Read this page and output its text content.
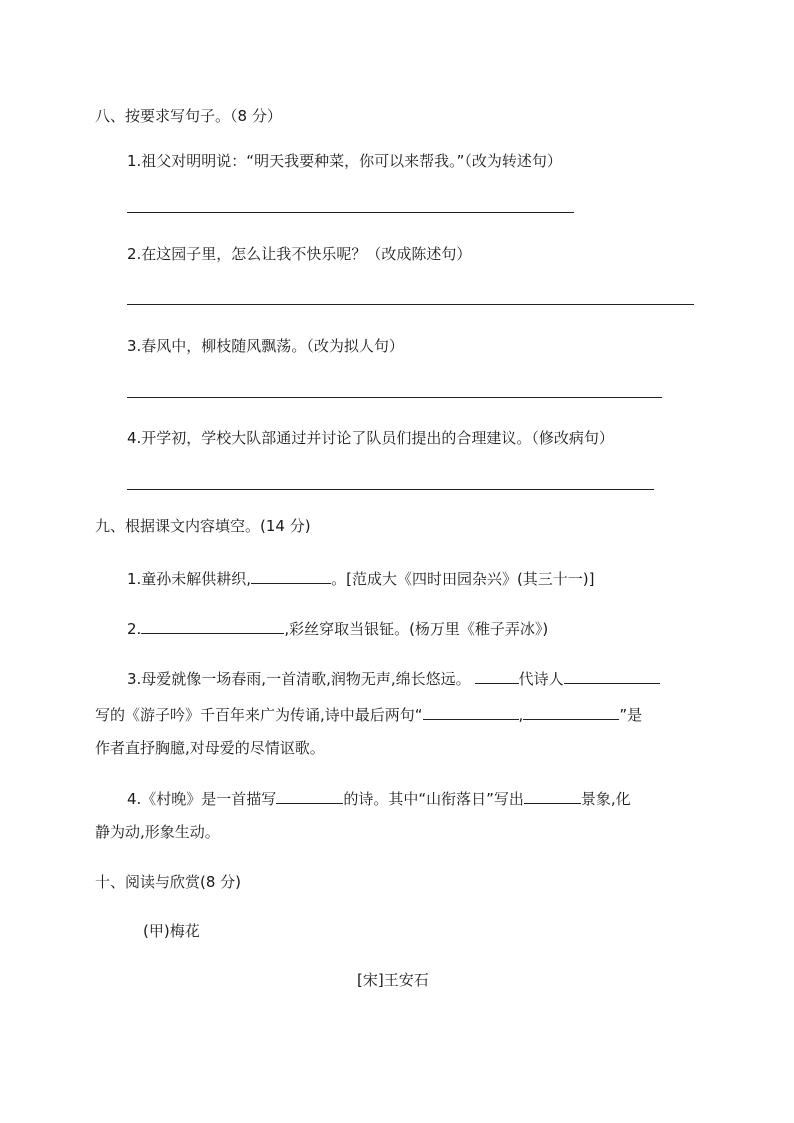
八、按要求写句子。（8 分）
1.祖父对明明说：“明天我要种菜，你可以来帮我。”（改为转述句）
2.在这园子里，怎么让我不快乐呢？（改成陈述句）
3.春风中，柳枝随风飘荡。（改为拟人句）
4.开学初，学校大队部通过并讨论了队员们提出的合理建议。（修改病句）
九、根据课文内容填空。(14 分)
1.童孙未解供耕织,	。[范成大《四时田园杂兴》(其三十一)]
2.	,彩丝穿取当银钲。(杨万里《稚子弄冰》)
3.母爱就像一场春雨,一首清歌,润物无声,绵长悠远。	代诗人
写的《游子吟》千百年来广为传诵,诗中最后两句“	,	”是
作者直抒胸臆,对母爱的尽情讴歌。
4.《村晚》是一首描写	的诗。其中“山衔落日”写出	景象,化
静为动,形象生动。
十、阅读与欣赏(8 分)
(甲)梅花
[宋]王安石
